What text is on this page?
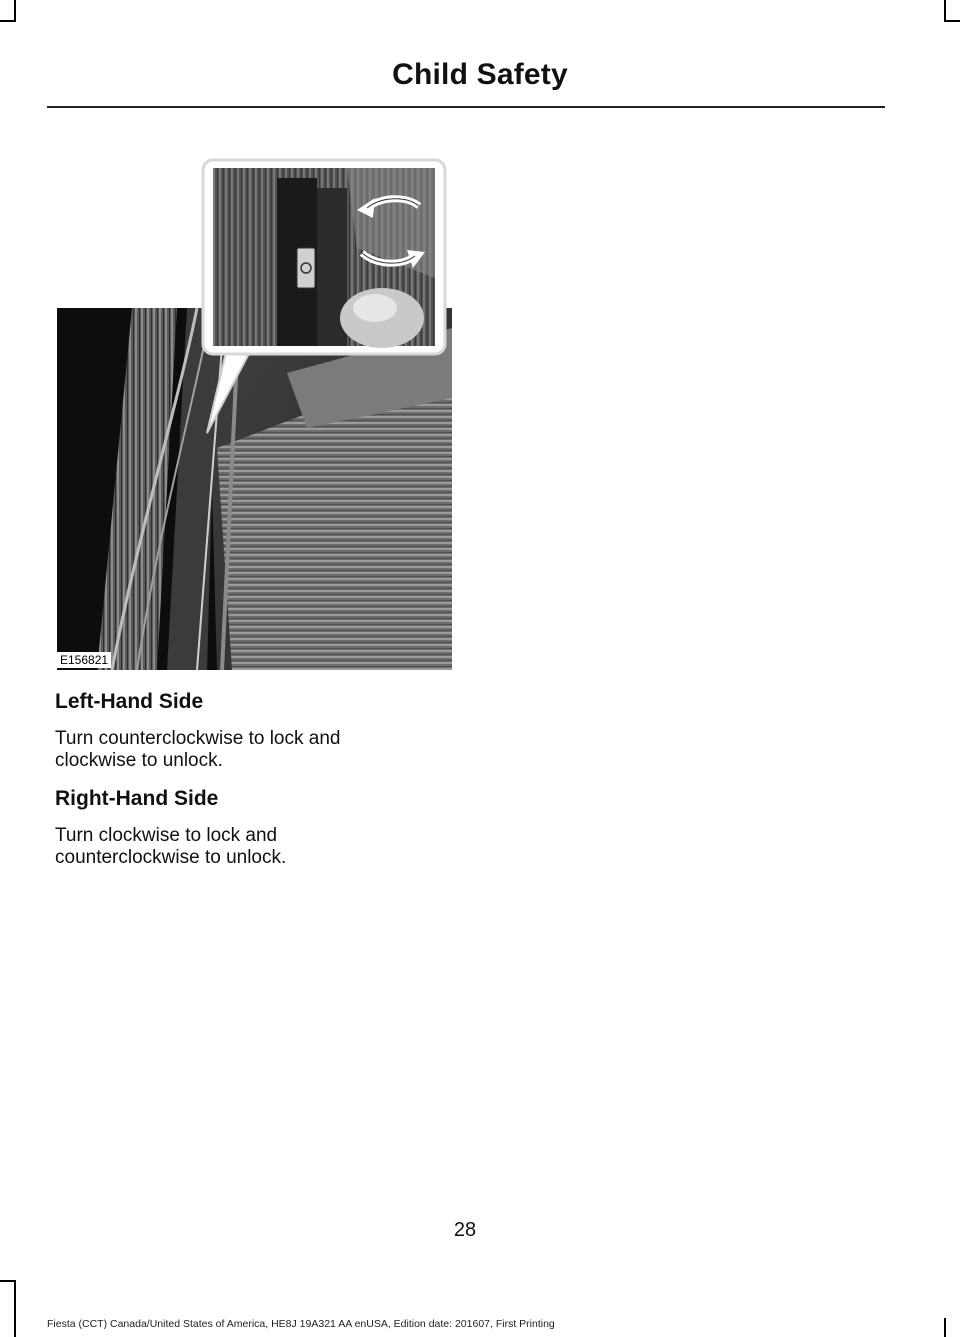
Child Safety
E156821
Left-Hand Side

Turn counterclockwise to lock and clockwise to unlock.

Right-Hand Side

Turn clockwise to lock and counterclockwise to unlock.

28
Fiesta (CCT) Canada/United States of America, HE8J 19A321 AA enUSA, Edition date: 201607, First Printing
